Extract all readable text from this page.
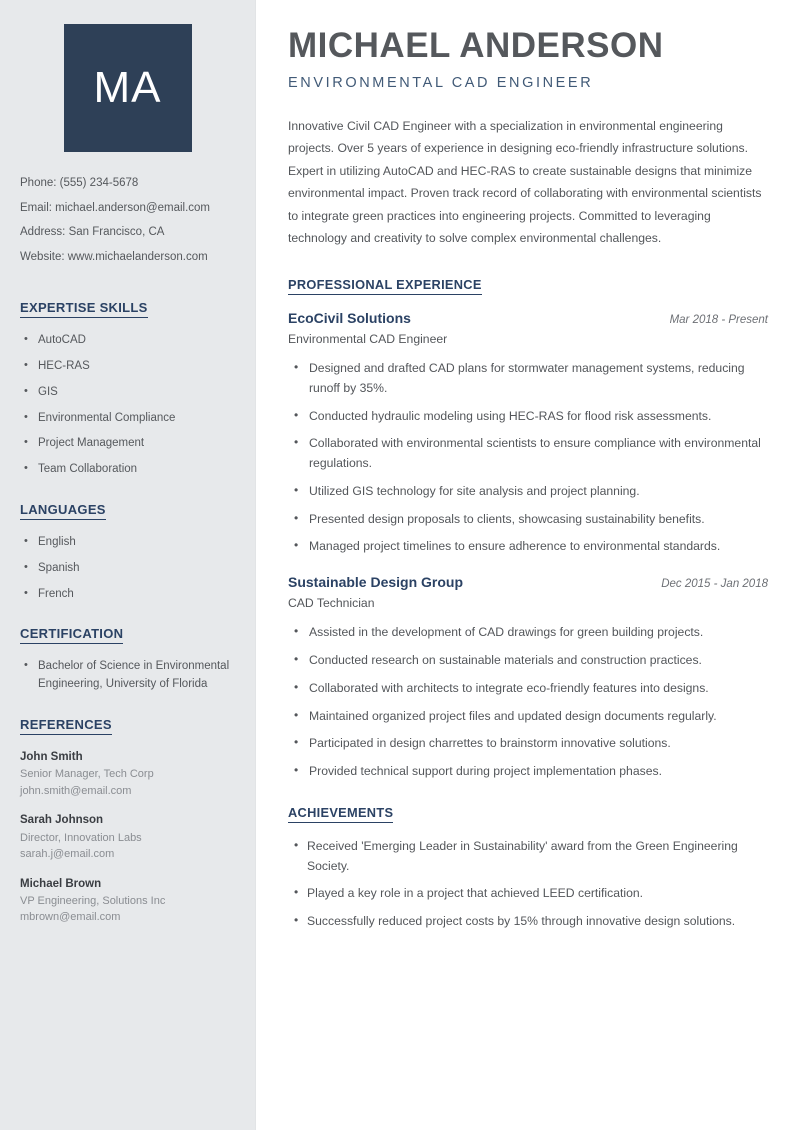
MA
Phone: (555) 234-5678
Email: michael.anderson@email.com
Address: San Francisco, CA
Website: www.michaelanderson.com
EXPERTISE SKILLS
• AutoCAD
• HEC-RAS
• GIS
• Environmental Compliance
• Project Management
• Team Collaboration
LANGUAGES
• English
• Spanish
• French
CERTIFICATION
• Bachelor of Science in Environmental Engineering, University of Florida
REFERENCES
John Smith
Senior Manager, Tech Corp
john.smith@email.com
Sarah Johnson
Director, Innovation Labs
sarah.j@email.com
Michael Brown
VP Engineering, Solutions Inc
mbrown@email.com
MICHAEL ANDERSON
ENVIRONMENTAL CAD ENGINEER

Innovative Civil CAD Engineer with a specialization in environmental engineering projects. Over 5 years of experience in designing eco-friendly infrastructure solutions. Expert in utilizing AutoCAD and HEC-RAS to create sustainable designs that minimize environmental impact. Proven track record of collaborating with environmental scientists to integrate green practices into engineering projects. Committed to leveraging technology and creativity to solve complex environmental challenges.

PROFESSIONAL EXPERIENCE
EcoCivil Solutions	Mar 2018 - Present
Environmental CAD Engineer
• Designed and drafted CAD plans for stormwater management systems, reducing runoff by 35%.
• Conducted hydraulic modeling using HEC-RAS for flood risk assessments.
• Collaborated with environmental scientists to ensure compliance with environmental regulations.
• Utilized GIS technology for site analysis and project planning.
• Presented design proposals to clients, showcasing sustainability benefits.
• Managed project timelines to ensure adherence to environmental standards.
Sustainable Design Group	Dec 2015 - Jan 2018
CAD Technician
• Assisted in the development of CAD drawings for green building projects.
• Conducted research on sustainable materials and construction practices.
• Collaborated with architects to integrate eco-friendly features into designs.
• Maintained organized project files and updated design documents regularly.
• Participated in design charrettes to brainstorm innovative solutions.
• Provided technical support during project implementation phases.
ACHIEVEMENTS
• Received 'Emerging Leader in Sustainability' award from the Green Engineering Society.
• Played a key role in a project that achieved LEED certification.
• Successfully reduced project costs by 15% through innovative design solutions.
